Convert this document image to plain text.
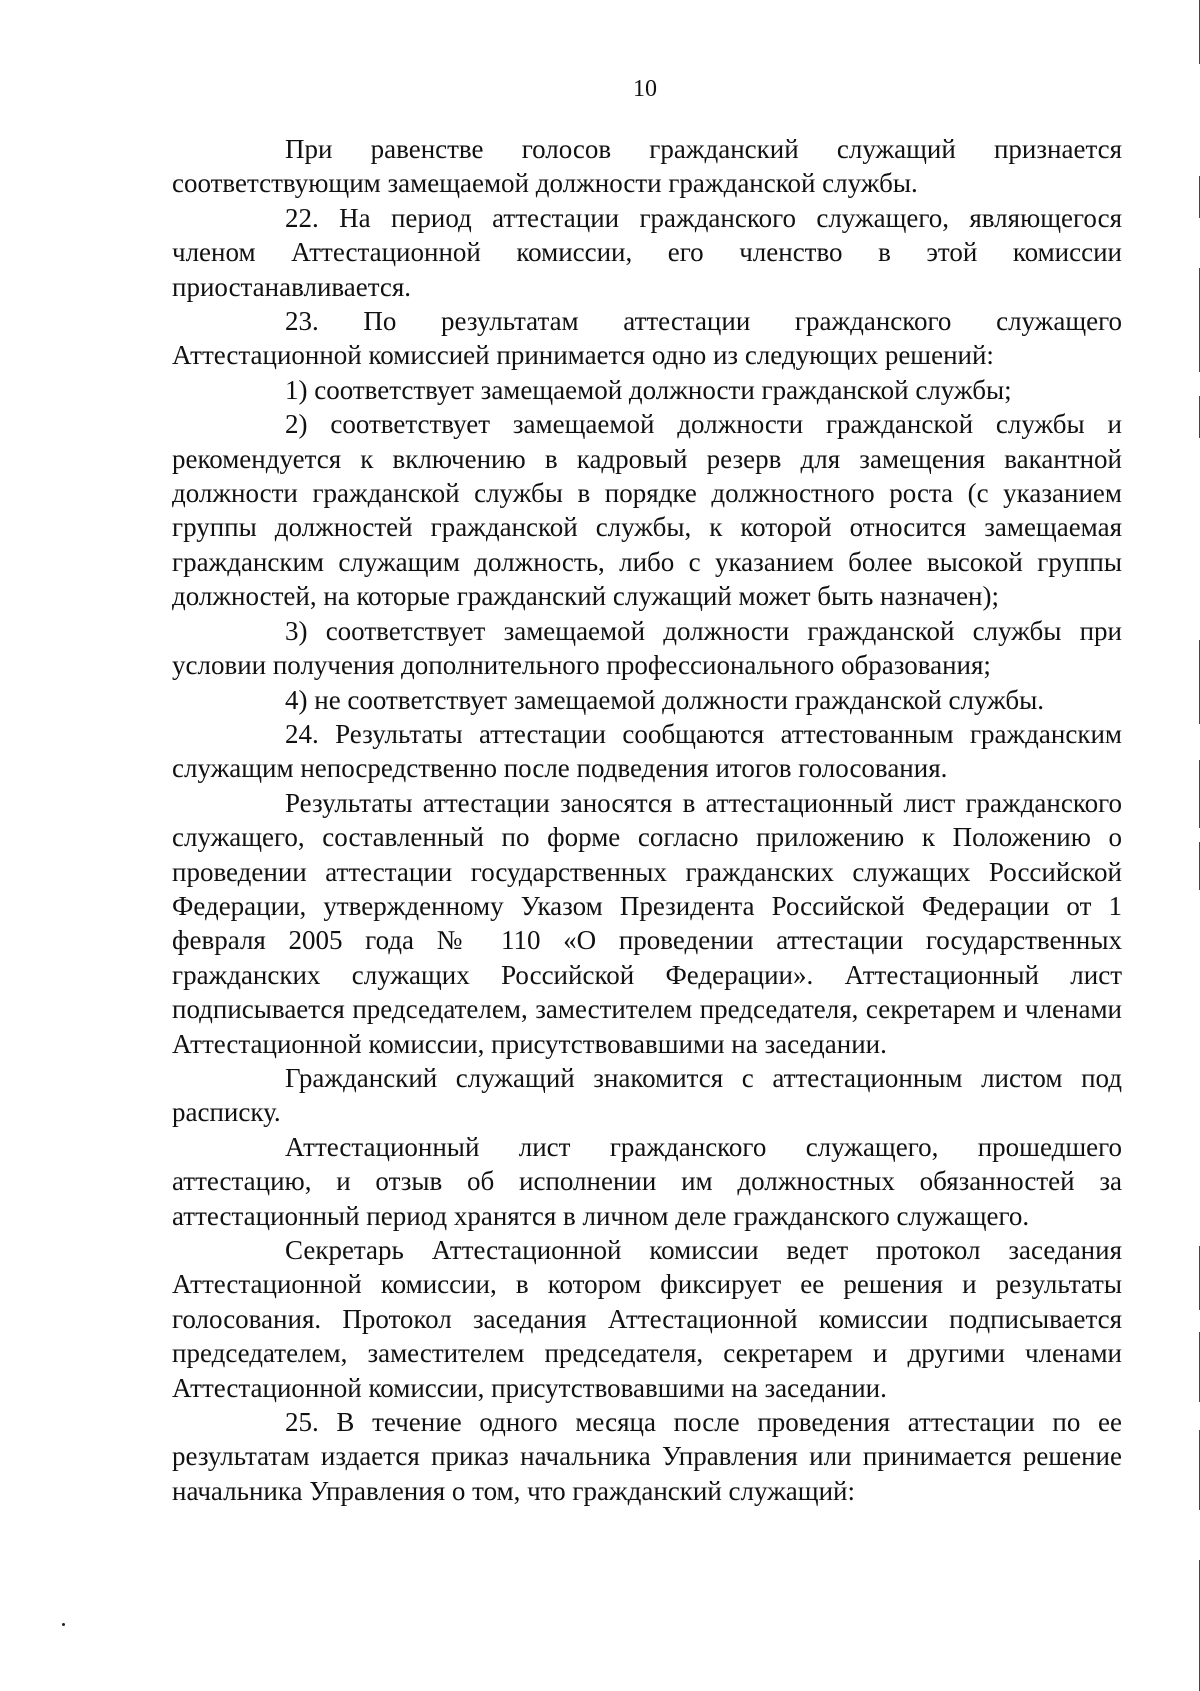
10

При равенстве голосов гражданский служащий признается соответствующим замещаемой должности гражданской службы.

22. На период аттестации гражданского служащего, являющегося членом Аттестационной комиссии, его членство в этой комиссии приостанавливается.

23. По результатам аттестации гражданского служащего Аттестационной комиссией принимается одно из следующих решений:

1) соответствует замещаемой должности гражданской службы;

2) соответствует замещаемой должности гражданской службы и рекомендуется к включению в кадровый резерв для замещения вакантной должности гражданской службы в порядке должностного роста (с указанием группы должностей гражданской службы, к которой относится замещаемая гражданским служащим должность, либо с указанием более высокой группы должностей, на которые гражданский служащий может быть назначен);

3) соответствует замещаемой должности гражданской службы при условии получения дополнительного профессионального образования;

4) не соответствует замещаемой должности гражданской службы.

24. Результаты аттестации сообщаются аттестованным гражданским служащим непосредственно после подведения итогов голосования.

Результаты аттестации заносятся в аттестационный лист гражданского служащего, составленный по форме согласно приложению к Положению о проведении аттестации государственных гражданских служащих Российской Федерации, утвержденному Указом Президента Российской Федерации от 1 февраля 2005 года № 110 «О проведении аттестации государственных гражданских служащих Российской Федерации». Аттестационный лист подписывается председателем, заместителем председателя, секретарем и членами Аттестационной комиссии, присутствовавшими на заседании.

Гражданский служащий знакомится с аттестационным листом под расписку.

Аттестационный лист гражданского служащего, прошедшего аттестацию, и отзыв об исполнении им должностных обязанностей за аттестационный период хранятся в личном деле гражданского служащего.

Секретарь Аттестационной комиссии ведет протокол заседания Аттестационной комиссии, в котором фиксирует ее решения и результаты голосования. Протокол заседания Аттестационной комиссии подписывается председателем, заместителем председателя, секретарем и другими членами Аттестационной комиссии, присутствовавшими на заседании.

25. В течение одного месяца после проведения аттестации по ее результатам издается приказ начальника Управления или принимается решение начальника Управления о том, что гражданский служащий:
